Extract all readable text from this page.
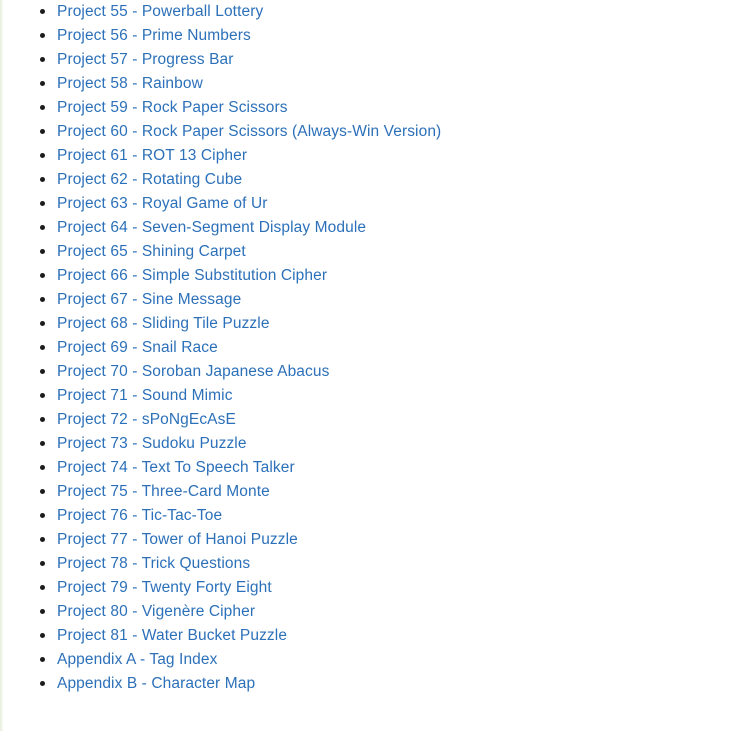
Project 55 - Powerball Lottery
Project 56 - Prime Numbers
Project 57 - Progress Bar
Project 58 - Rainbow
Project 59 - Rock Paper Scissors
Project 60 - Rock Paper Scissors (Always-Win Version)
Project 61 - ROT 13 Cipher
Project 62 - Rotating Cube
Project 63 - Royal Game of Ur
Project 64 - Seven-Segment Display Module
Project 65 - Shining Carpet
Project 66 - Simple Substitution Cipher
Project 67 - Sine Message
Project 68 - Sliding Tile Puzzle
Project 69 - Snail Race
Project 70 - Soroban Japanese Abacus
Project 71 - Sound Mimic
Project 72 - sPoNgEcAsE
Project 73 - Sudoku Puzzle
Project 74 - Text To Speech Talker
Project 75 - Three-Card Monte
Project 76 - Tic-Tac-Toe
Project 77 - Tower of Hanoi Puzzle
Project 78 - Trick Questions
Project 79 - Twenty Forty Eight
Project 80 - Vigenère Cipher
Project 81 - Water Bucket Puzzle
Appendix A - Tag Index
Appendix B - Character Map
